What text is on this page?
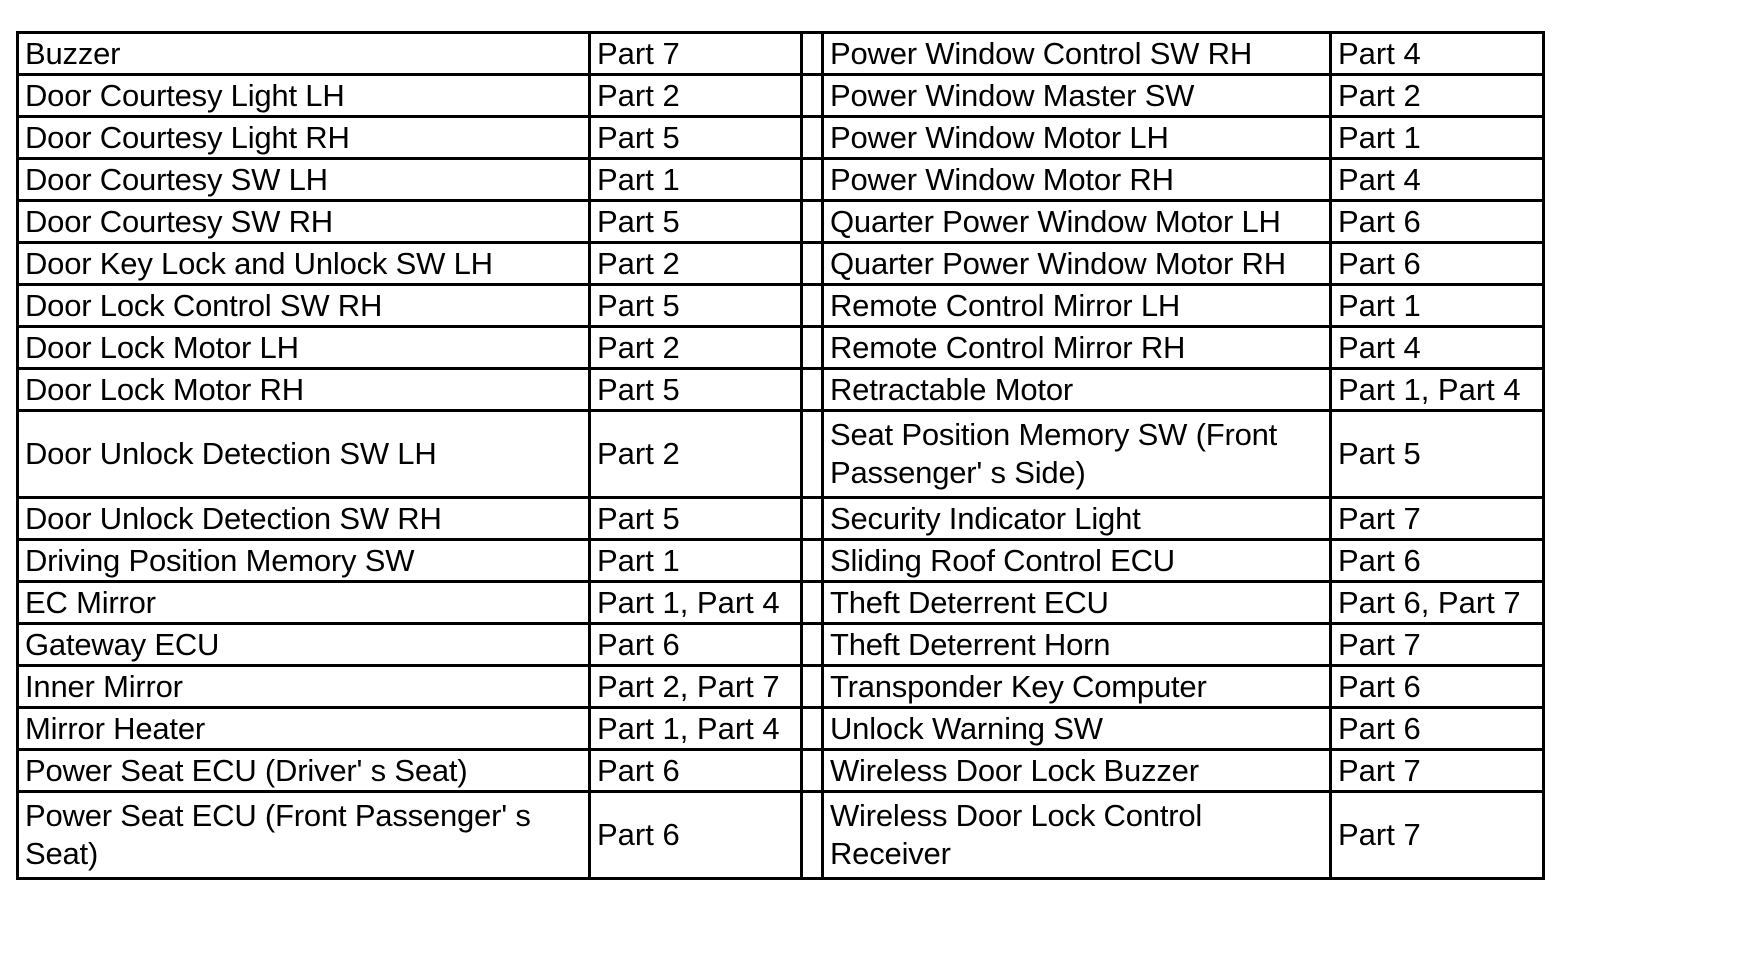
Buzzer	Part 7		Power Window Control SW RH	Part 4
Door Courtesy Light LH	Part 2		Power Window Master SW	Part 2
Door Courtesy Light RH	Part 5		Power Window Motor LH	Part 1
Door Courtesy SW LH	Part 1		Power Window Motor RH	Part 4
Door Courtesy SW RH	Part 5		Quarter Power Window Motor LH	Part 6
Door Key Lock and Unlock SW LH	Part 2		Quarter Power Window Motor RH	Part 6
Door Lock Control SW RH	Part 5		Remote Control Mirror LH	Part 1
Door Lock Motor LH	Part 2		Remote Control Mirror RH	Part 4
Door Lock Motor RH	Part 5		Retractable Motor	Part 1, Part 4
Door Unlock Detection SW LH	Part 2		Seat Position Memory SW (Front Passenger' s Side)	Part 5
Door Unlock Detection SW RH	Part 5		Security Indicator Light	Part 7
Driving Position Memory SW	Part 1		Sliding Roof Control ECU	Part 6
EC Mirror	Part 1, Part 4		Theft Deterrent ECU	Part 6, Part 7
Gateway ECU	Part 6		Theft Deterrent Horn	Part 7
Inner Mirror	Part 2, Part 7		Transponder Key Computer	Part 6
Mirror Heater	Part 1, Part 4		Unlock Warning SW	Part 6
Power Seat ECU (Driver' s Seat)	Part 6		Wireless Door Lock Buzzer	Part 7
Power Seat ECU (Front Passenger' s Seat)	Part 6		Wireless Door Lock Control Receiver	Part 7
